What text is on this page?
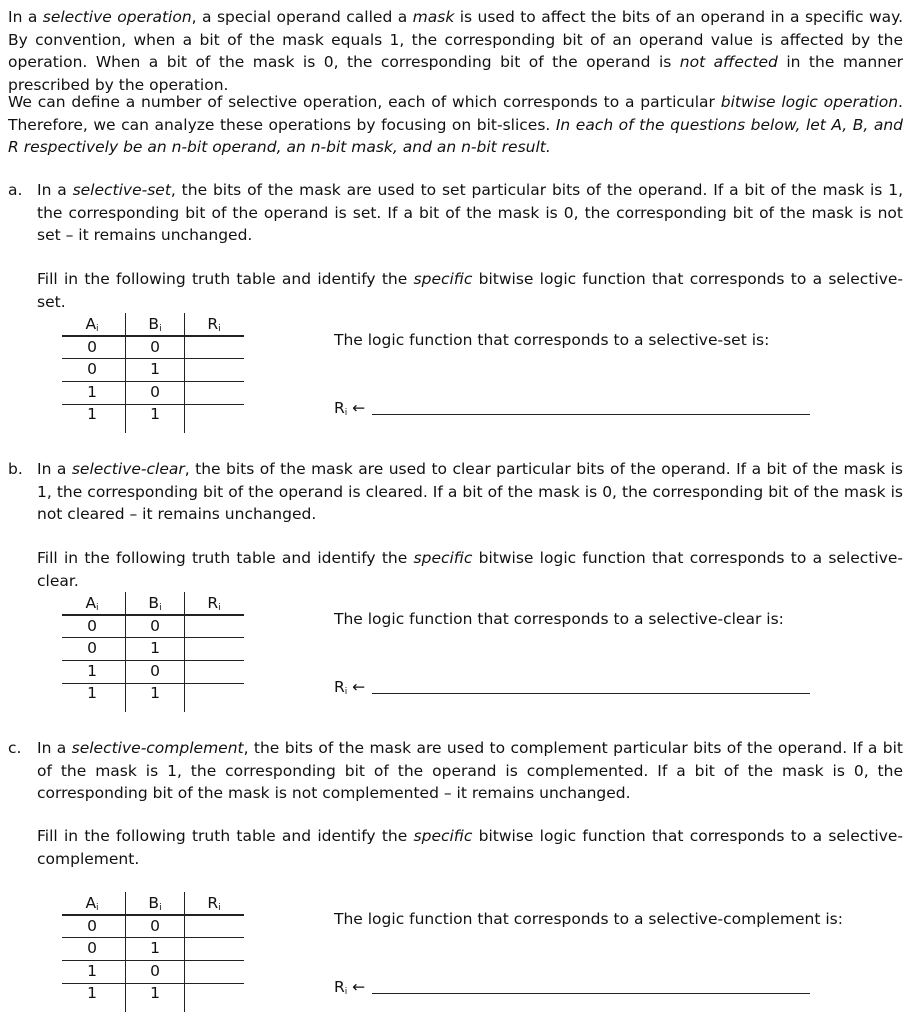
In a selective operation, a special operand called a mask is used to affect the bits of an operand in a specific way. By convention, when a bit of the mask equals 1, the corresponding bit of an operand value is affected by the operation. When a bit of the mask is 0, the corresponding bit of the operand is not affected in the manner prescribed by the operation.
We can define a number of selective operation, each of which corresponds to a particular bitwise logic operation. Therefore, we can analyze these operations by focusing on bit-slices. In each of the questions below, let A, B, and R respectively be an n-bit operand, an n-bit mask, and an n-bit result.
a. In a selective-set, the bits of the mask are used to set particular bits of the operand. If a bit of the mask is 1, the corresponding bit of the operand is set. If a bit of the mask is 0, the corresponding bit of the mask is not set – it remains unchanged.
Fill in the following truth table and identify the specific bitwise logic function that corresponds to a selective-set.
$A_i$	$B_i$	$R_i$
0	0
0	1
1	0
1	1
The logic function that corresponds to a selective-set is:
$R_i$ ←
b. In a selective-clear, the bits of the mask are used to clear particular bits of the operand. If a bit of the mask is 1, the corresponding bit of the operand is cleared. If a bit of the mask is 0, the corresponding bit of the mask is not cleared – it remains unchanged.
Fill in the following truth table and identify the specific bitwise logic function that corresponds to a selective-clear.
$A_i$	$B_i$	$R_i$
0	0
0	1
1	0
1	1
The logic function that corresponds to a selective-clear is:
$R_i$ ←
c. In a selective-complement, the bits of the mask are used to complement particular bits of the operand. If a bit of the mask is 1, the corresponding bit of the operand is complemented. If a bit of the mask is 0, the corresponding bit of the mask is not complemented – it remains unchanged.
Fill in the following truth table and identify the specific bitwise logic function that corresponds to a selective-complement.
$A_i$	$B_i$	$R_i$
0	0
0	1
1	0
1	1
The logic function that corresponds to a selective-complement is:
$R_i$ ←
